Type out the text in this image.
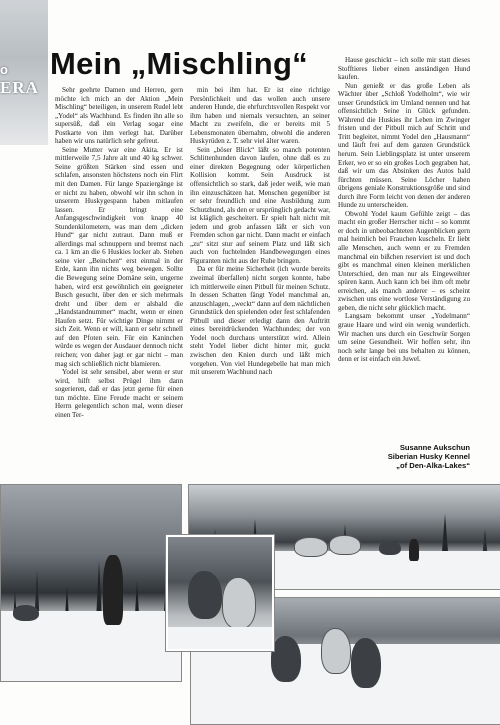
o
ERA
Mein „Mischling“

Sehr geehrte Damen und Herren, gern möchte ich mich an der Aktion „Mein Mischling“ beteiligen, in unserem Rudel lebt „Yodel“ als Wachhund. Es finden ihn alle so supersüß, daß ein Verlag sogar eine Postkarte von ihm verlegt hat. Darüber haben wir uns natürlich sehr gefreut.

Seine Mutter war eine Akita. Er ist mittlerweile 7,5 Jahre alt und 40 kg schwer. Seine größten Stärken sind essen und schlafen, ansonsten höchstens noch ein Flirt mit den Damen. Für lange Spaziergänge ist er nicht zu haben, obwohl wir ihn schon in unserem Huskygespann haben mitlaufen lassen. Er bringt eine Anfangsgeschwindigkeit von knapp 40 Stundenkilometern, was man dem „dicken Hund“ gar nicht zutraut. Dann muß er allerdings mal schnuppern und bremst nach ca. 1 km an die 6 Huskies locker ab. Stehen seine vier „Beinchen“ erst einmal in der Erde, kann ihn nichts weg bewegen. Sollte die Bewegung seine Domäne sein, ungerne haben, wird erst gewöhnlich ein geeigneter Busch gesucht, über den er sich mehrmals dreht und über dem er alsbald die „Handstandnummer“ macht, wenn er einen Haufen setzt. Für wichtige Dinge nimmt er sich Zeit. Wenn er will, kann er sehr schnell auf den Pfoten sein. Für ein Kaninchen würde es wegen der Ausdauer dennoch nicht reichen; von daher jagt er gar nicht – man mag sich schließlich nicht blamieren.

Yodel ist sehr sensibel, aber wenn er stur wird, hilft selbst Prügel ihm dann sogerieren, daß er das jetzt gerne für einen tun möchte. Eine Freude macht er seinem Herrn gelegentlich schon mal, wenn dieser einen Ter-

min bei ihm hat. Er ist eine richtige Persönlichkeit und das wollen auch unsere anderen Hunde, die ehrfurchtsvollen Respekt vor ihm haben und niemals versuchten, an seiner Macht zu zweifeln, die er bereits mit 5 Lebensmonaten übernahm, obwohl die anderen Huskyrüden z. T. sehr viel älter waren.

Sein „böser Blick“ läßt so manch potenten Schlittenhunden davon laufen, ohne daß es zu einer direkten Begegnung oder körperlichen Kollision kommt. Sein Ausdruck ist offensichtlich so stark, daß jeder weiß, wie man ihn einzuschätzen hat. Menschen gegenüber ist er sehr freundlich und eine Ausbildung zum Schutzhund, als den er ursprünglich gedacht war, ist kläglich gescheitert. Er spielt halt nicht mit jedem und grob anfassen läßt er sich von Fremden schon gar nicht. Dann macht er einfach „zu“ sitzt stur auf seinem Platz und läßt sich auch von fuchtelnden Handbewegungen eines Figuranten nicht aus der Ruhe bringen.

Da er für meine Sicherheit (ich wurde bereits zweimal überfallen) nicht sorgen konnte, habe ich mittlerweile einen Pitbull für meinen Schutz. In dessen Schatten fängt Yodel manchmal an, anzuschlagen, „weckt“ dann auf dem nächtlichen Grundstück den spielenden oder fest schlafenden Pitbull und dieser erledigt dann den Auftritt eines bereitdrückenden Wachhundes; der von Yodel noch durchaus unterstützt wird. Allein steht Yodel lieber dicht hinter mir, guckt zwischen den Knien durch und läßt mich vorgehen. Von viel Hundegebelle hat man mich mit unserem Wachhund nach

Hause geschickt – ich solle mir statt dieses Stofftieres lieber einen anständigen Hund kaufen.

Nun genießt er das große Leben als Wächter über „Schloß Yodelholm“, wie wir unser Grundstück im Umland nennen und hat offensichtlich Seine in Glück gefunden. Während die Huskies ihr Leben im Zwinger fristen und der Pitbull mich auf Schritt und Tritt begleitet, nimmt Yodel den „Hausmann“ und läuft frei auf dem ganzen Grundstück herum. Sein Lieblingsplatz ist unter unserem Erker, wo er so ein großes Loch gegraben hat, daß wir um das Absinken des Autos bald fürchten müssen. Seine Löcher haben übrigens geniale Konstruktionsgröße und sind durch ihre Form leicht von denen der anderen Hunde zu unterscheiden.

Obwohl Yodel kaum Gefühle zeigt – das macht ein großer Herrscher nicht – so kommt er doch in unbeobachteten Augenblicken gern mal heimlich bei Frauchen kuscheln. Er liebt alle Menschen, auch wenn er zu Fremden manchmal ein bißchen reserviert ist und doch gibt es manchmal einen kleinen merklichen Unterschied, den man nur als Eingeweihter spüren kann. Auch kann ich bei ihm oft mehr erreichen, als manch anderer – es scheint zwischen uns eine wortlose Verständigung zu geben, die nicht sehr glücklich macht.

Langsam bekommt unser „Yodelmann“ graue Haare und wird ein wenig wunderlich. Wir machen uns durch ein Geschwür Sorgen um seine Gesundheit. Wir hoffen sehr, ihn noch sehr lange bei uns behalten zu können, denn er ist einfach ein Juwel.

Susanne Aukschun
Siberian Husky Kennel
„of Den-Alka-Lakes“
